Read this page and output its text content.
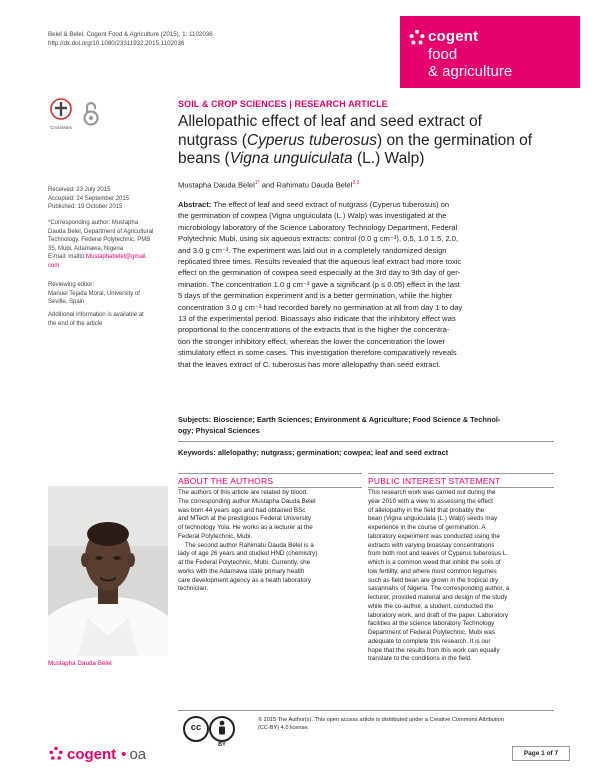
Belel & Belel, Cogent Food & Agriculture (2015), 1: 1102036
http://dx.doi.org/10.1080/23311932.2015.1102036	cogent
food
& agriculture
CrossMark
SOIL & CROP SCIENCES | RESEARCH ARTICLE
Allelopathic effect of leaf and seed extract of nutgrass (Cyperus tuberosus) on the germination of beans (Vigna unguiculata (L.) Walp)
Mustapha Dauda Belel$^{1*}$ and Rahimatu Dauda Belel$^{2,3}$
Received: 23 July 2015
Accepted: 24 September 2015
Published: 19 October 2015
*Corresponding author: Mustapha
Dauda Belel, Department of Agricultural
Technology, Federal Polytechnic, PMB
35, Mubi, Adamawa, Nigeria
E-mail: mailto:Mustaphabelel@gmail.
com
Reviewing editor:
Manuel Tejada Moral, University of
Seville, Spain
Additional information is available at
the end of the article
Abstract: The effect of leaf and seed extract of nutgrass (Cyperus tuberosus) on
the germination of cowpea (Vigna unguiculata (L.) Walp) was investigated at the
microbiology laboratory of the Science Laboratory Technology Department, Federal
Polytechnic Mubi, using six aqueous extracts: control (0.0 g cm⁻³), 0.5, 1.0 1.5, 2.0,
and 3.0 g cm⁻³. The experiment was laid out in a completely randomized design
replicated three times. Results revealed that the aqueous leaf extract had more toxic
effect on the germination of cowpea seed especially at the 3rd day to 9th day of ger-
mination. The concentration 1.0 g cm⁻³ gave a significant (p ≤ 0.05) effect in the last
5 days of the germination experiment and is a better germination, while the higher
concentration 3.0 g cm⁻³ had recorded barely no germination at all from day 1 to day
13 of the experimental period. Bioassays also indicate that the inhibitory effect was
proportional to the concentrations of the extracts that is the higher the concentra-
tion the stronger inhibitory effect, whereas the lower the concentration the lower
stimulatory effect in some cases. This investigation therefore comparatively reveals
that the leaves extract of C. tuberosus has more allelopathy than seed extract.
Subjects: Bioscience; Earth Sciences; Environment & Agriculture; Food Science & Technol-
ogy; Physical Sciences
Keywords: allelopathy; nutgrass; germination; cowpea; leaf and seed extract
ABOUT THE AUTHORS
The authors of this article are related by blood.
The corresponding author Mustapha Dauda Belel
was born 44 years ago and had obtained BSc
and MTech at the prestigious Federal University
of technology Yola. He works as a lecturer at the
Federal Polytechnic, Mubi.
The second author Rahimatu Dauda Belel is a
lady of age 26 years and studied HND (chemistry)
at the Federal Polytechnic, Mubi. Currently, she
works with the Adamawa state primary health
care development agency as a heath laboratory
technician.
Mustapha Dauda Belel
PUBLIC INTEREST STATEMENT
This research work was carried out during the
year 2010 with a view to assessing the effect
of allelopathy in the field that probably the
bean (Vigna unguiculata (L.) Walp) seeds may
experience in the course of germination. A
laboratory experiment was conducted using the
extracts with varying bioassay concentrations
from both root and leaves of Cyperus tuberosus L.
which is a common weed that inhibit the soils of
low fertility, and where most common legumes
such as field bean are grown in the tropical dry
savannahs of Nigeria. The corresponding author, a
lecturer, provided material and design of the study
while the co-author, a student, conducted the
laboratory work, and draft of the paper. Laboratory
facilities at the science laboratory Technology
Department of Federal Polytechnic, Mubi was
adequate to complete this research. It is our
hope that the results from this work can equally
translate to the conditions in the field.
cogent • oa
cc
BY
© 2015 The Author(s). This open access article is distributed under a Creative Commons Attribution
(CC-BY) 4.0 license.
Page 1 of 7
